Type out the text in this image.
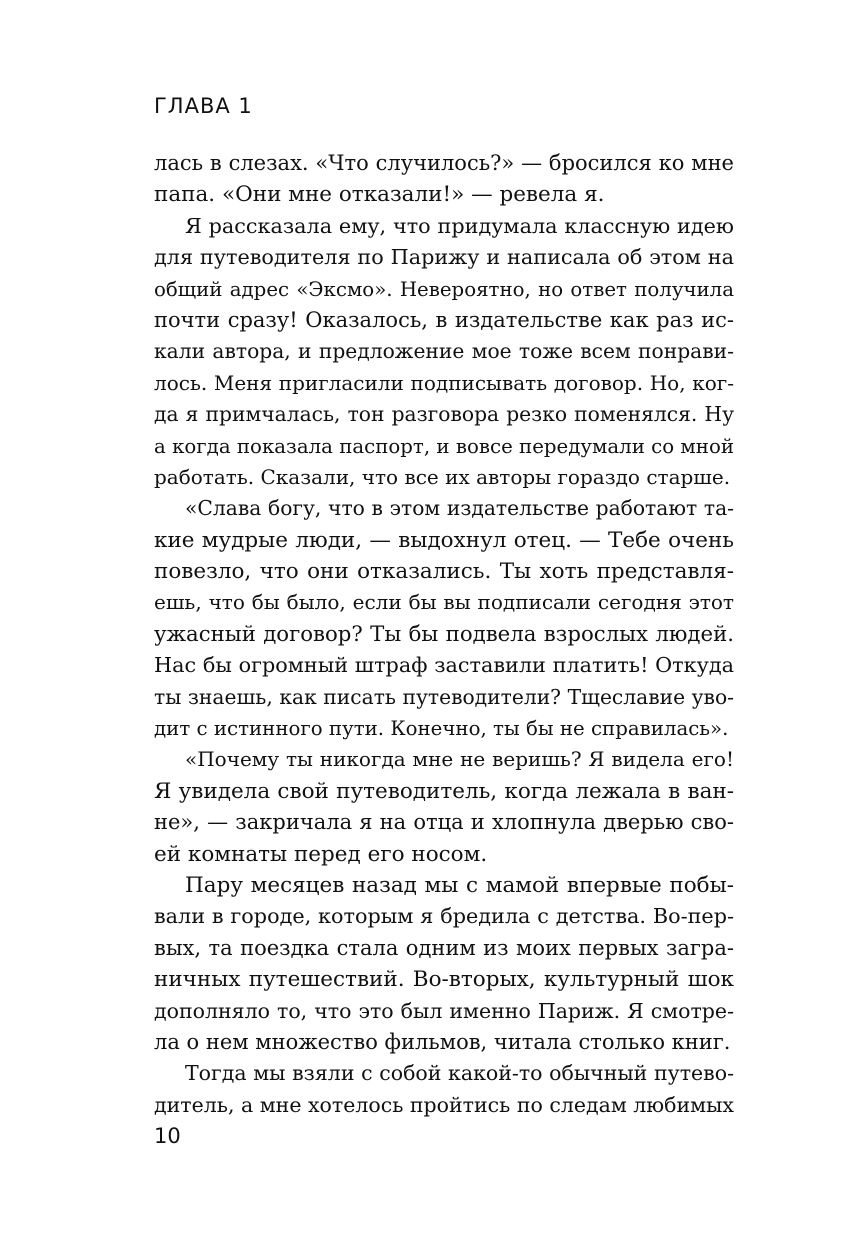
ГЛАВА 1
лась в слезах. «Что случилось?» — бросился ко мне
папа. «Они мне отказали!» — ревела я.
Я рассказала ему, что придумала классную идею
для путеводителя по Парижу и написала об этом на
общий адрес «Эксмо». Невероятно, но ответ получила
почти сразу! Оказалось, в издательстве как раз ис-
кали автора, и предложение мое тоже всем понрави-
лось. Меня пригласили подписывать договор. Но, ког-
да я примчалась, тон разговора резко поменялся. Ну
а когда показала паспорт, и вовсе передумали со мной
работать. Сказали, что все их авторы гораздо старше.
«Слава богу, что в этом издательстве работают та-
кие мудрые люди, — выдохнул отец. — Тебе очень
повезло, что они отказались. Ты хоть представля-
ешь, что бы было, если бы вы подписали сегодня этот
ужасный договор? Ты бы подвела взрослых людей.
Нас бы огромный штраф заставили платить! Откуда
ты знаешь, как писать путеводители? Тщеславие уво-
дит с истинного пути. Конечно, ты бы не справилась».
«Почему ты никогда мне не веришь? Я видела его!
Я увидела свой путеводитель, когда лежала в ван-
не», — закричала я на отца и хлопнула дверью сво-
ей комнаты перед его носом.
Пару месяцев назад мы с мамой впервые побы-
вали в городе, которым я бредила с детства. Во-пер-
вых, та поездка стала одним из моих первых загра-
ничных путешествий. Во-вторых, культурный шок
дополняло то, что это был именно Париж. Я смотре-
ла о нем множество фильмов, читала столько книг.
Тогда мы взяли с собой какой-то обычный путево-
дитель, а мне хотелось пройтись по следам любимых
10
